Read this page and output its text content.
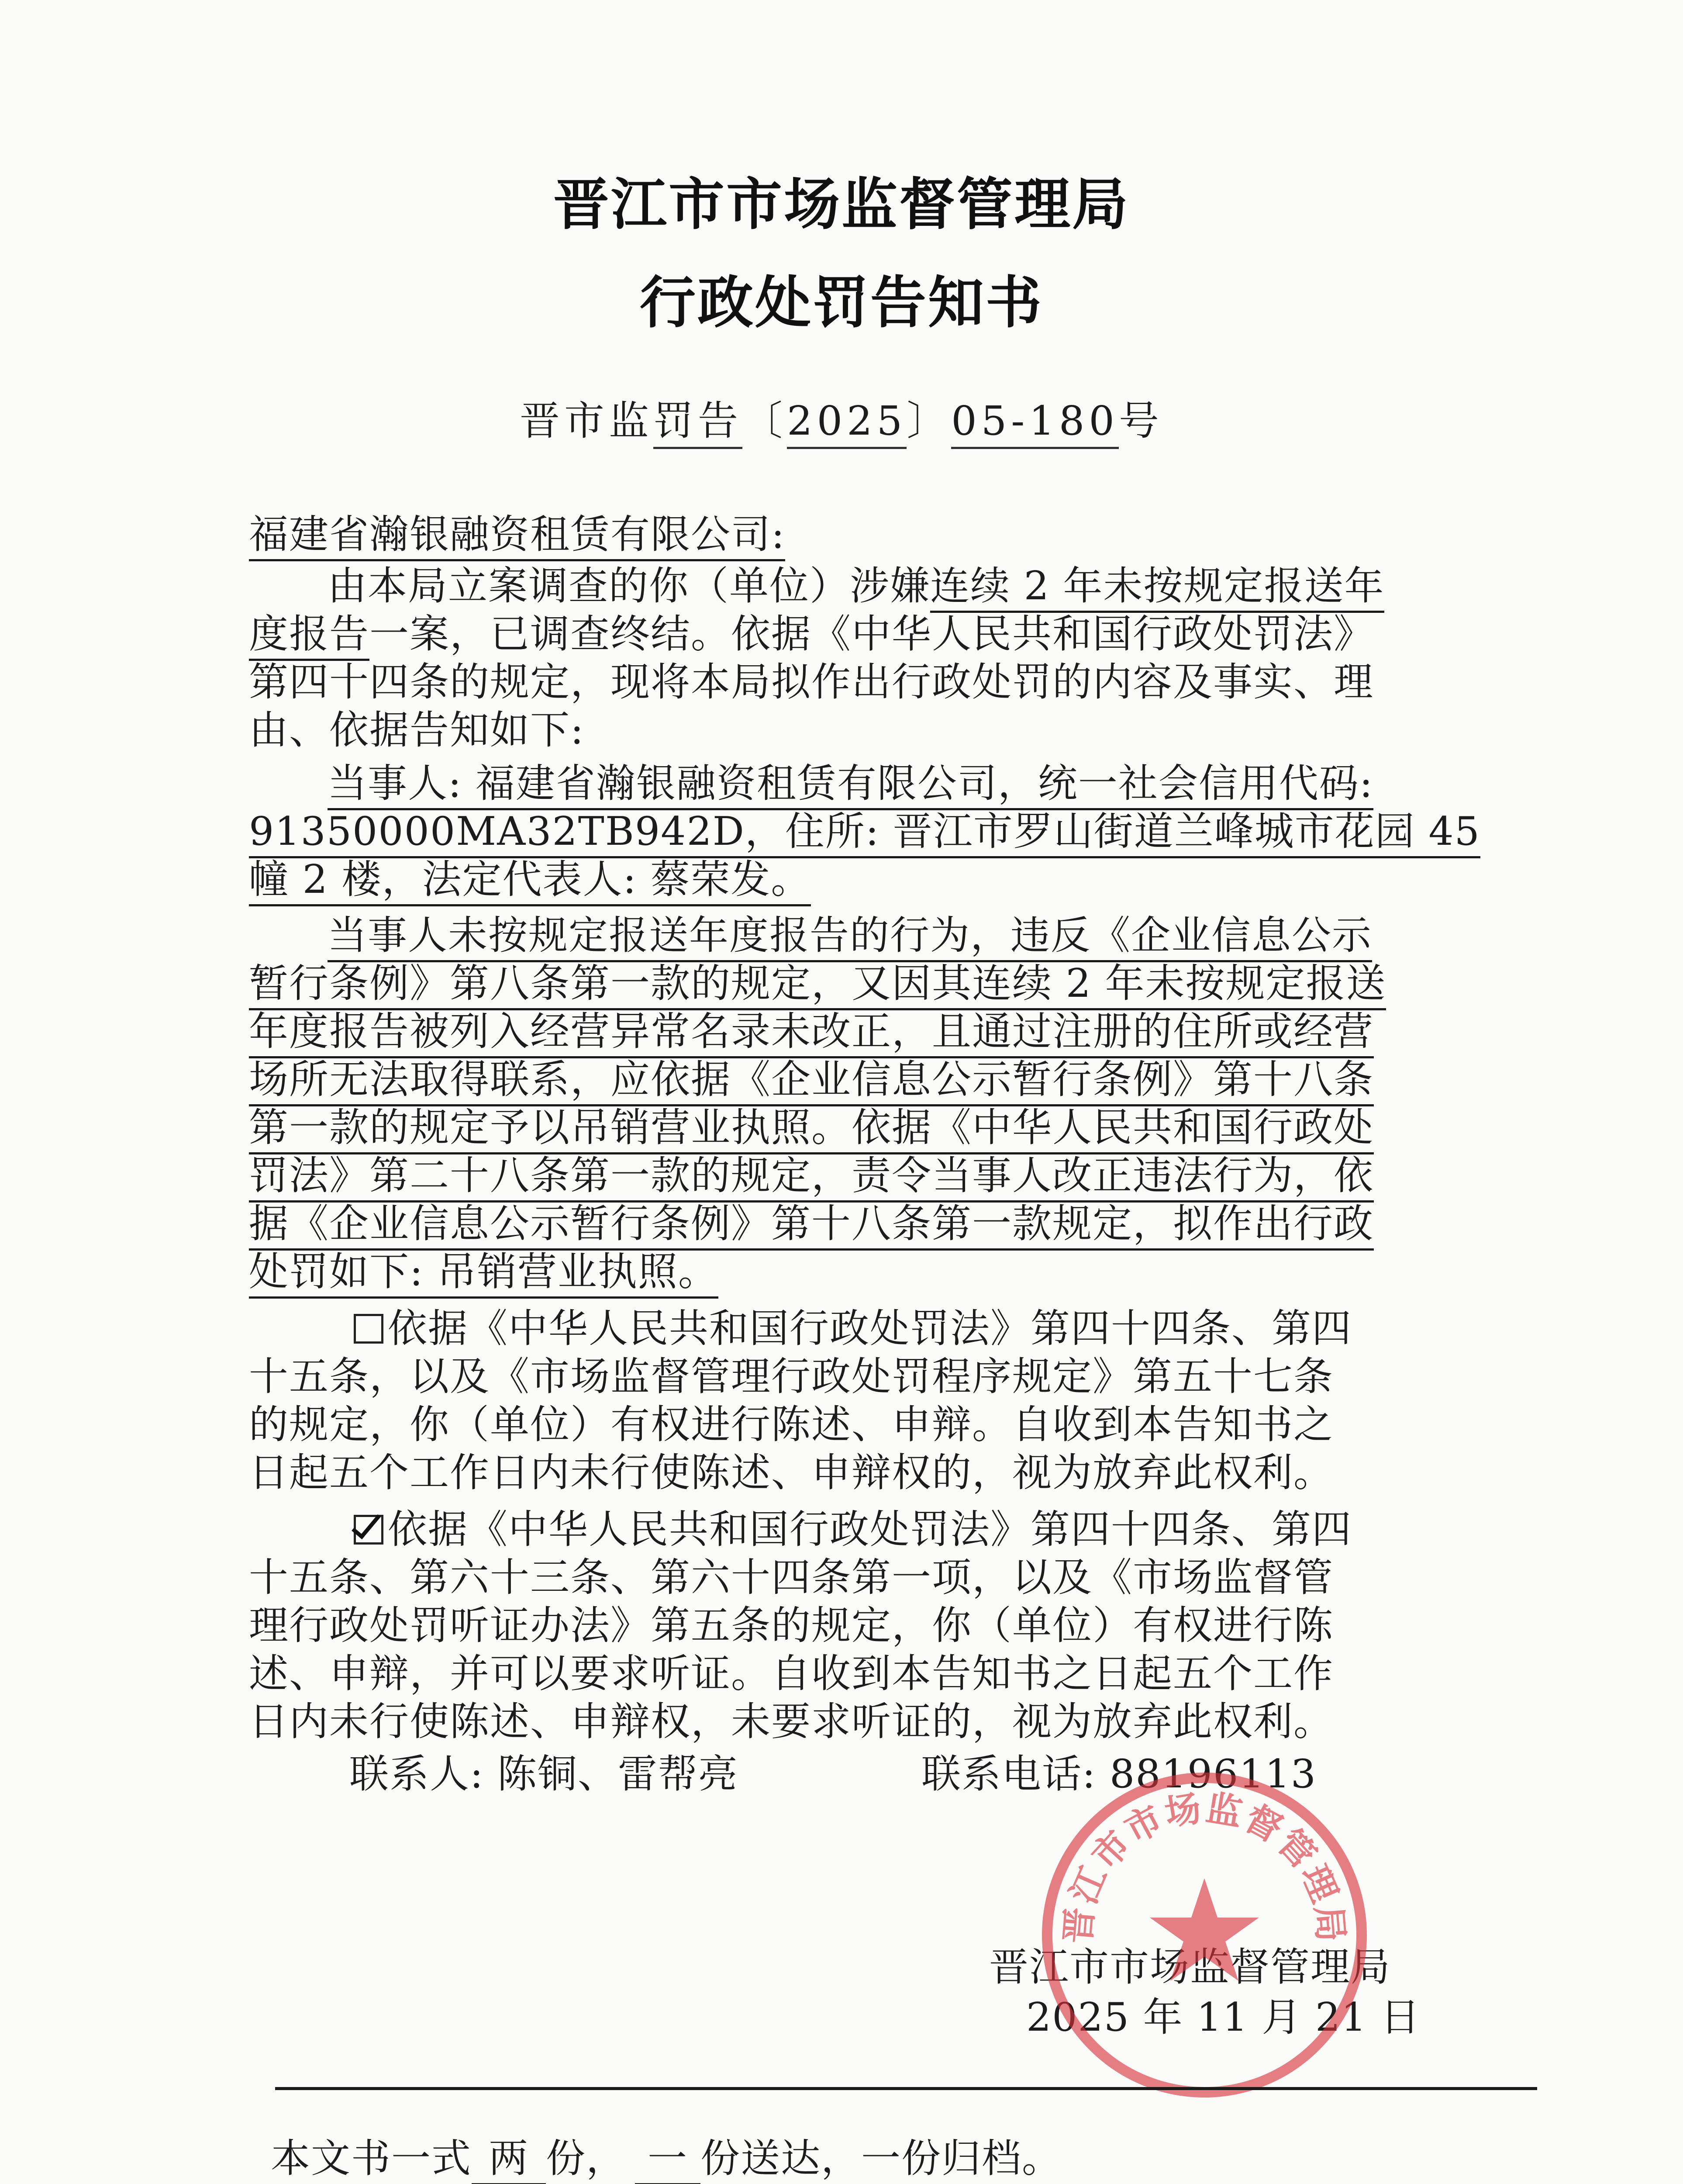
晋江市市场监督管理局
行政处罚告知书
晋市监罚告〔2025〕05-180号
福建省瀚银融资租赁有限公司:
由本局立案调查的你（单位）涉嫌连续 2 年未按规定报送年
度报告一案，已调查终结。依据《中华人民共和国行政处罚法》
第四十四条的规定，现将本局拟作出行政处罚的内容及事实、理
由、依据告知如下:
当事人: 福建省瀚银融资租赁有限公司，统一社会信用代码:
91350000MA32TB942D，住所: 晋江市罗山街道兰峰城市花园 45
幢 2 楼，法定代表人: 蔡荣发。
当事人未按规定报送年度报告的行为，违反《企业信息公示
暂行条例》第八条第一款的规定，又因其连续 2 年未按规定报送
年度报告被列入经营异常名录未改正，且通过注册的住所或经营
场所无法取得联系，应依据《企业信息公示暂行条例》第十八条
第一款的规定予以吊销营业执照。依据《中华人民共和国行政处
罚法》第二十八条第一款的规定，责令当事人改正违法行为，依
据《企业信息公示暂行条例》第十八条第一款规定，拟作出行政
处罚如下: 吊销营业执照。
依据《中华人民共和国行政处罚法》第四十四条、第四
十五条，以及《市场监督管理行政处罚程序规定》第五十七条
的规定，你（单位）有权进行陈述、申辩。自收到本告知书之
日起五个工作日内未行使陈述、申辩权的，视为放弃此权利。
依据《中华人民共和国行政处罚法》第四十四条、第四
十五条、第六十三条、第六十四条第一项，以及《市场监督管
理行政处罚听证办法》第五条的规定，你（单位）有权进行陈
述、申辩，并可以要求听证。自收到本告知书之日起五个工作
日内未行使陈述、申辩权，未要求听证的，视为放弃此权利。
联系人: 陈铜、雷帮亮	联系电话: 88196113
晋江市市场监督管理局
2025 年 11 月 21 日
晋江市市场监督管理局
本文书一式 两 份， 一 份送达，一份归档。
